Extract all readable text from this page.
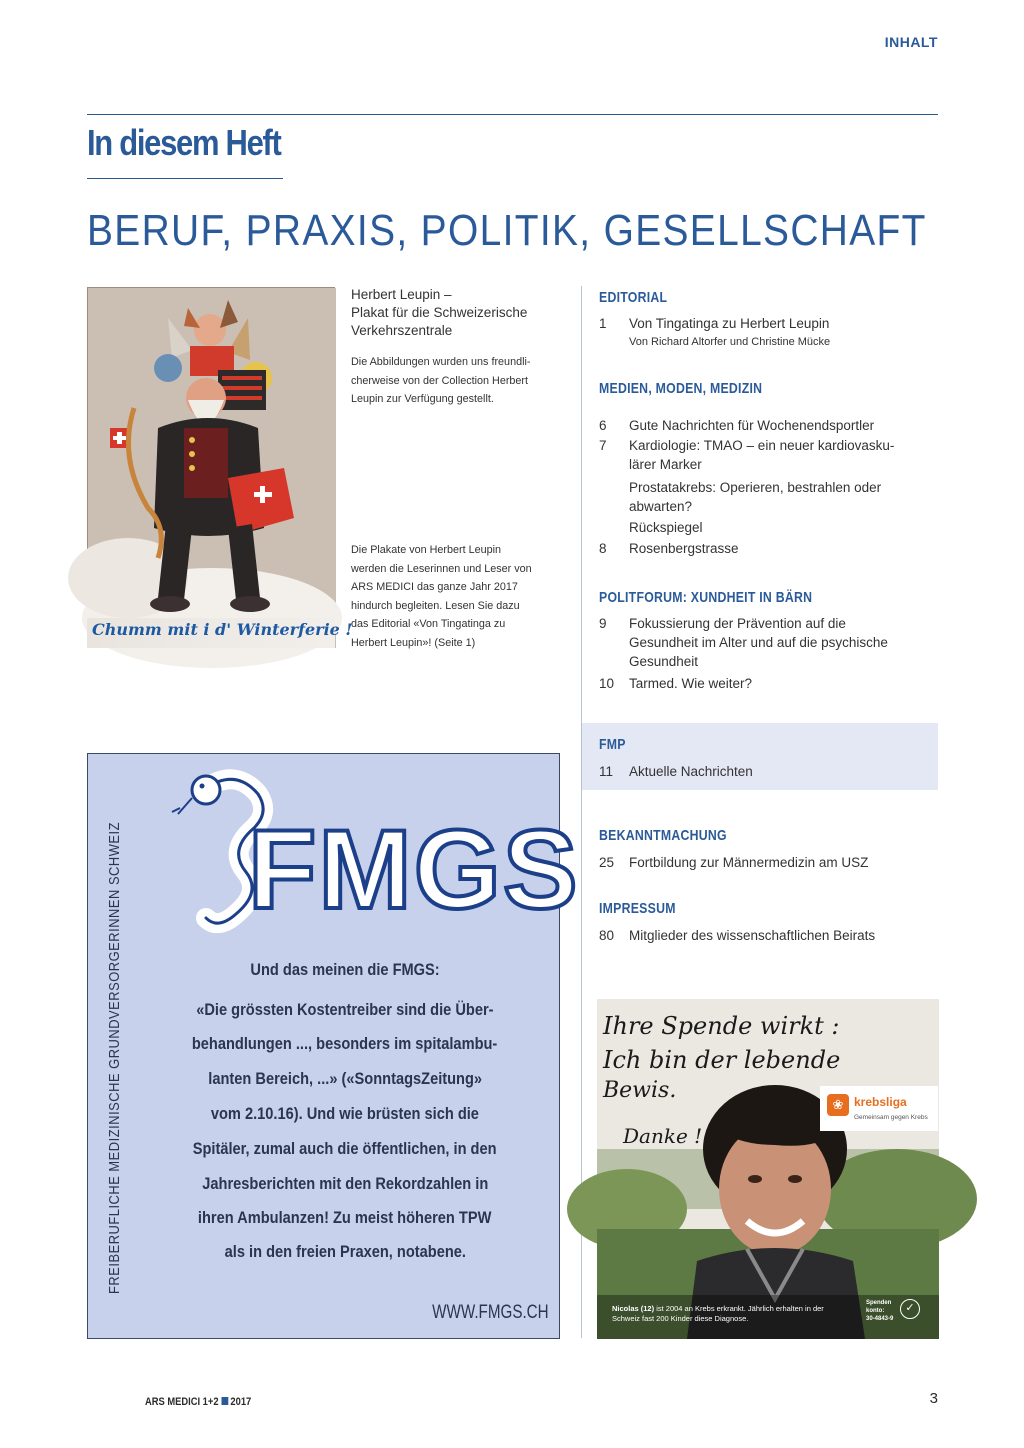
INHALT
In diesem Heft
BERUF, PRAXIS, POLITIK, GESELLSCHAFT
Chumm mit i d' Winterferie !
Herbert Leupin –
Plakat für die Schweizerische
Verkehrszentrale
Die Abbildungen wurden uns freundli-
cherweise von der Collection Herbert
Leupin zur Verfügung gestellt.
Die Plakate von Herbert Leupin
werden die Leserinnen und Leser von
ARS MEDICI das ganze Jahr 2017
hindurch begleiten. Lesen Sie dazu
das Editorial «Von Tingatinga zu
Herbert Leupin»! (Seite 1)
EDITORIAL
1	Von Tingatinga zu Herbert Leupin
Von Richard Altorfer und Christine Mücke
MEDIEN, MODEN, MEDIZIN
6	Gute Nachrichten für Wochenendsportler
7	Kardiologie: TMAO – ein neuer kardiovasku-
lärer Marker
Prostatakrebs: Operieren, bestrahlen oder
abwarten?
Rückspiegel
8	Rosenbergstrasse
POLITFORUM: XUNDHEIT IN BÄRN
9	Fokussierung der Prävention auf die
Gesundheit im Alter und auf die psychische
Gesundheit
10	Tarmed. Wie weiter?
FMP
11	Aktuelle Nachrichten
BEKANNTMACHUNG
25	Fortbildung zur Männermedizin am USZ
IMPRESSUM
80	Mitglieder des wissenschaftlichen Beirats
FREIBERUFLICHE MEDIZINISCHE GRUNDVERSORGERINNEN SCHWEIZ FMGS
Und das meinen die FMGS:
«Die grössten Kostentreiber sind die Über-
behandlungen ..., besonders im spitalambu-
lanten Bereich, ...» («SonntagsZeitung»
vom 2.10.16). Und wie brüsten sich die
Spitäler, zumal auch die öffentlichen, in den
Jahresberichten mit den Rekordzahlen in
ihren Ambulanzen! Zu meist höheren TPW
als in den freien Praxen, notabene.
WWW.FMGS.CH
Ihre Spende wirkt :
Ich bin der lebende
Bewis.
Danke !
❀ krebsliga
Gemeinsam gegen Krebs
Nicolas (12) ist 2004 an Krebs erkrankt. Jährlich erhalten in der Schweiz fast 200 Kinder diese Diagnose.
Spenden
konto:
30-4843-9
✓
ARS MEDICI 1+2 2017	3
